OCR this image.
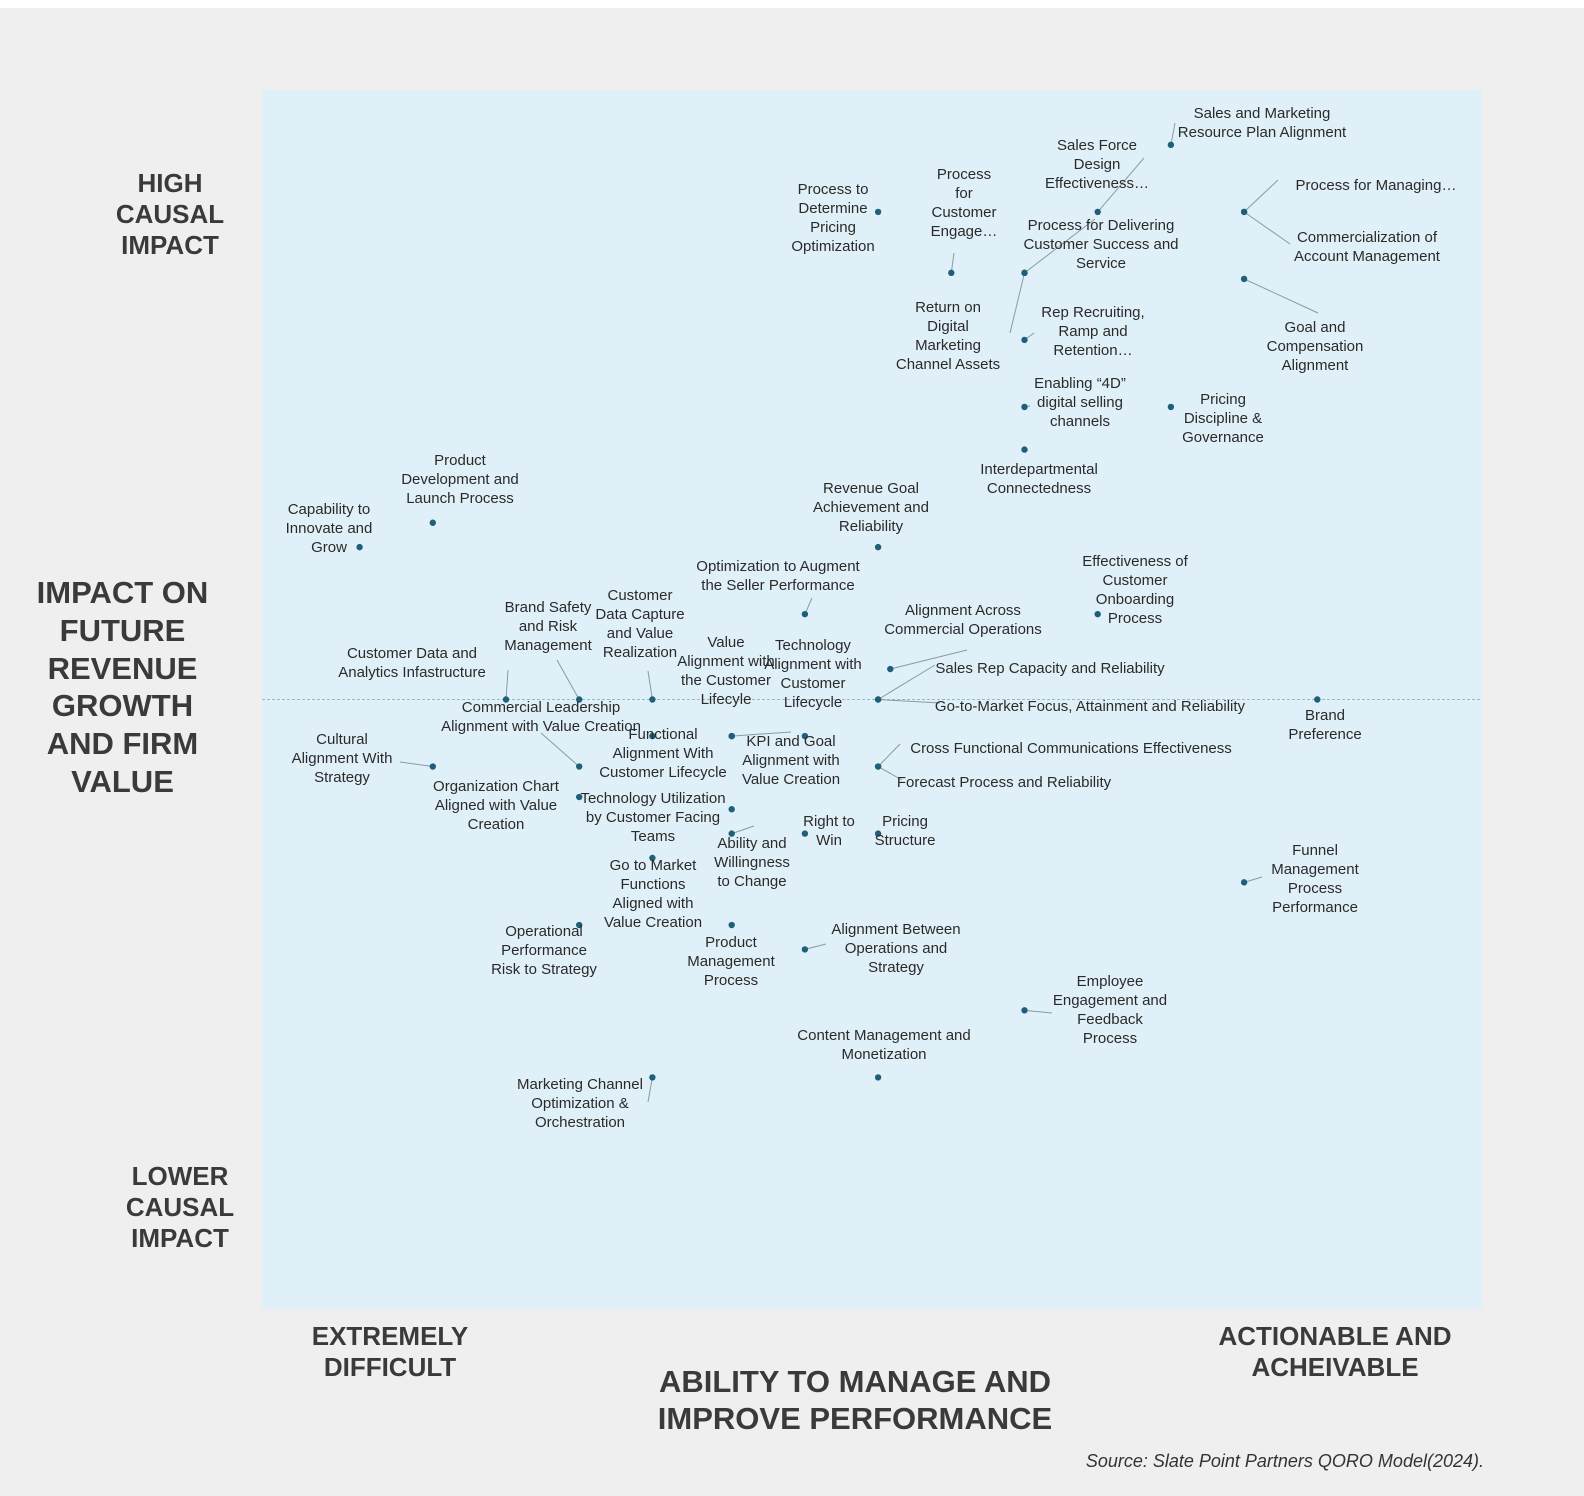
IMPACT ON FUTURE REVENUE GROWTH AND FIRM VALUE
HIGH CAUSAL IMPACT
LOWER CAUSAL IMPACT
EXTREMELY DIFFICULT
ACTIONABLE AND ACHEIVABLE
ABILITY TO MANAGE AND IMPROVE PERFORMANCE
Source: Slate Point Partners QORO Model(2024).
Sales and Marketing Resource Plan Alignment
Sales Force Design Effectiveness…
Process to Determine Pricing Optimization
Process for Customer Engage… Process for Delivering Customer Success and Service
Process for Managing…
Commercialization of Account Management
Goal and Compensation Alignment
Return on Digital Marketing Channel Assets
Rep Recruiting, Ramp and Retention…
Enabling “4D” digital selling channels
Pricing Discipline & Governance
Interdepartmental Connectedness
Revenue Goal Achievement and Reliability
Product Development and Launch Process
Capability to Innovate and Grow
Effectiveness of Customer Onboarding Process
Optimization to Augment the Seller Performance
Alignment Across Commercial Operations
Sales Rep Capacity and Reliability
Go-to-Market Focus, Attainment and Reliability
Brand Preference
Customer Data and Analytics Infastructure
Brand Safety and Risk Management
Customer Data Capture and Value Realization
Value Alignment with the Customer Lifecyle
Technology Alignment with Customer Lifecycle
Commercial Leadership Alignment with Value Creation
Functional Alignment With Customer Lifecycle
KPI and Goal Alignment with Value Creation
Cultural Alignment With Strategy
Cross Functional Communications Effectiveness
Forecast Process and Reliability
Organization Chart Aligned with Value Creation
Technology Utilization by Customer Facing Teams	Ability and Willingness to Change
Right to Win
Pricing Structure
Go to Market Functions Aligned with Value Creation
Funnel Management Process Performance
Operational Performance Risk to Strategy
Product Management Process
Alignment Between Operations and Strategy
Employee Engagement and Feedback Process
Content Management and Monetization
Marketing Channel Optimization & Orchestration
